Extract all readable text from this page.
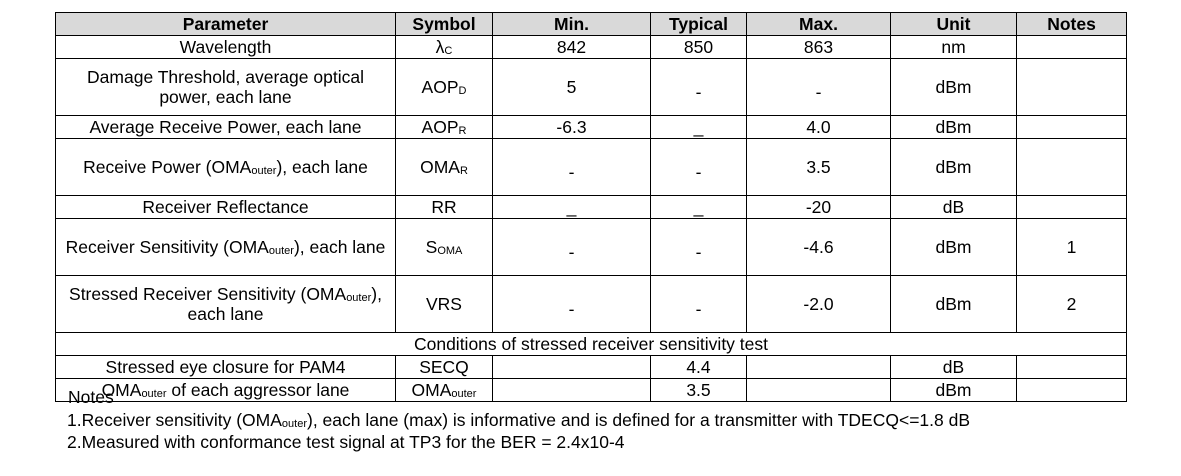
Parameter	Symbol	Min.	Typical	Max.	Unit	Notes
Wavelength	$\lambda_C$	842	850	863	nm	
Damage Threshold, average optical power, each lane	$AOP_D$	5	-	-	dBm	
Average Receive Power, each lane	$AOP_R$	-6.3	_	4.0	dBm	
Receive Power $(OMA_{outer})$, each lane	$OMA_R$	-	-	3.5	dBm	
Receiver Reflectance	RR	_	_	-20	dB	
Receiver Sensitivity $(OMA_{outer})$, each lane	$S_{OMA}$	-	-	-4.6	dBm	1
Stressed Receiver Sensitivity $(OMA_{outer})$, each lane	VRS	-	-	-2.0	dBm	2
Conditions of stressed receiver sensitivity test						
Stressed eye closure for PAM4	SECQ		4.4		dB	
$OMA_{outer}$ of each aggressor lane	$OMA_{outer}$		3.5		dBm	
Notes
1.Receiver sensitivity $(OMA_{outer})$, each lane (max) is informative and is defined for a transmitter with TDECQ<=1.8 dB
2.Measured with conformance test signal at TP3 for the BER = 2.4x10-4
